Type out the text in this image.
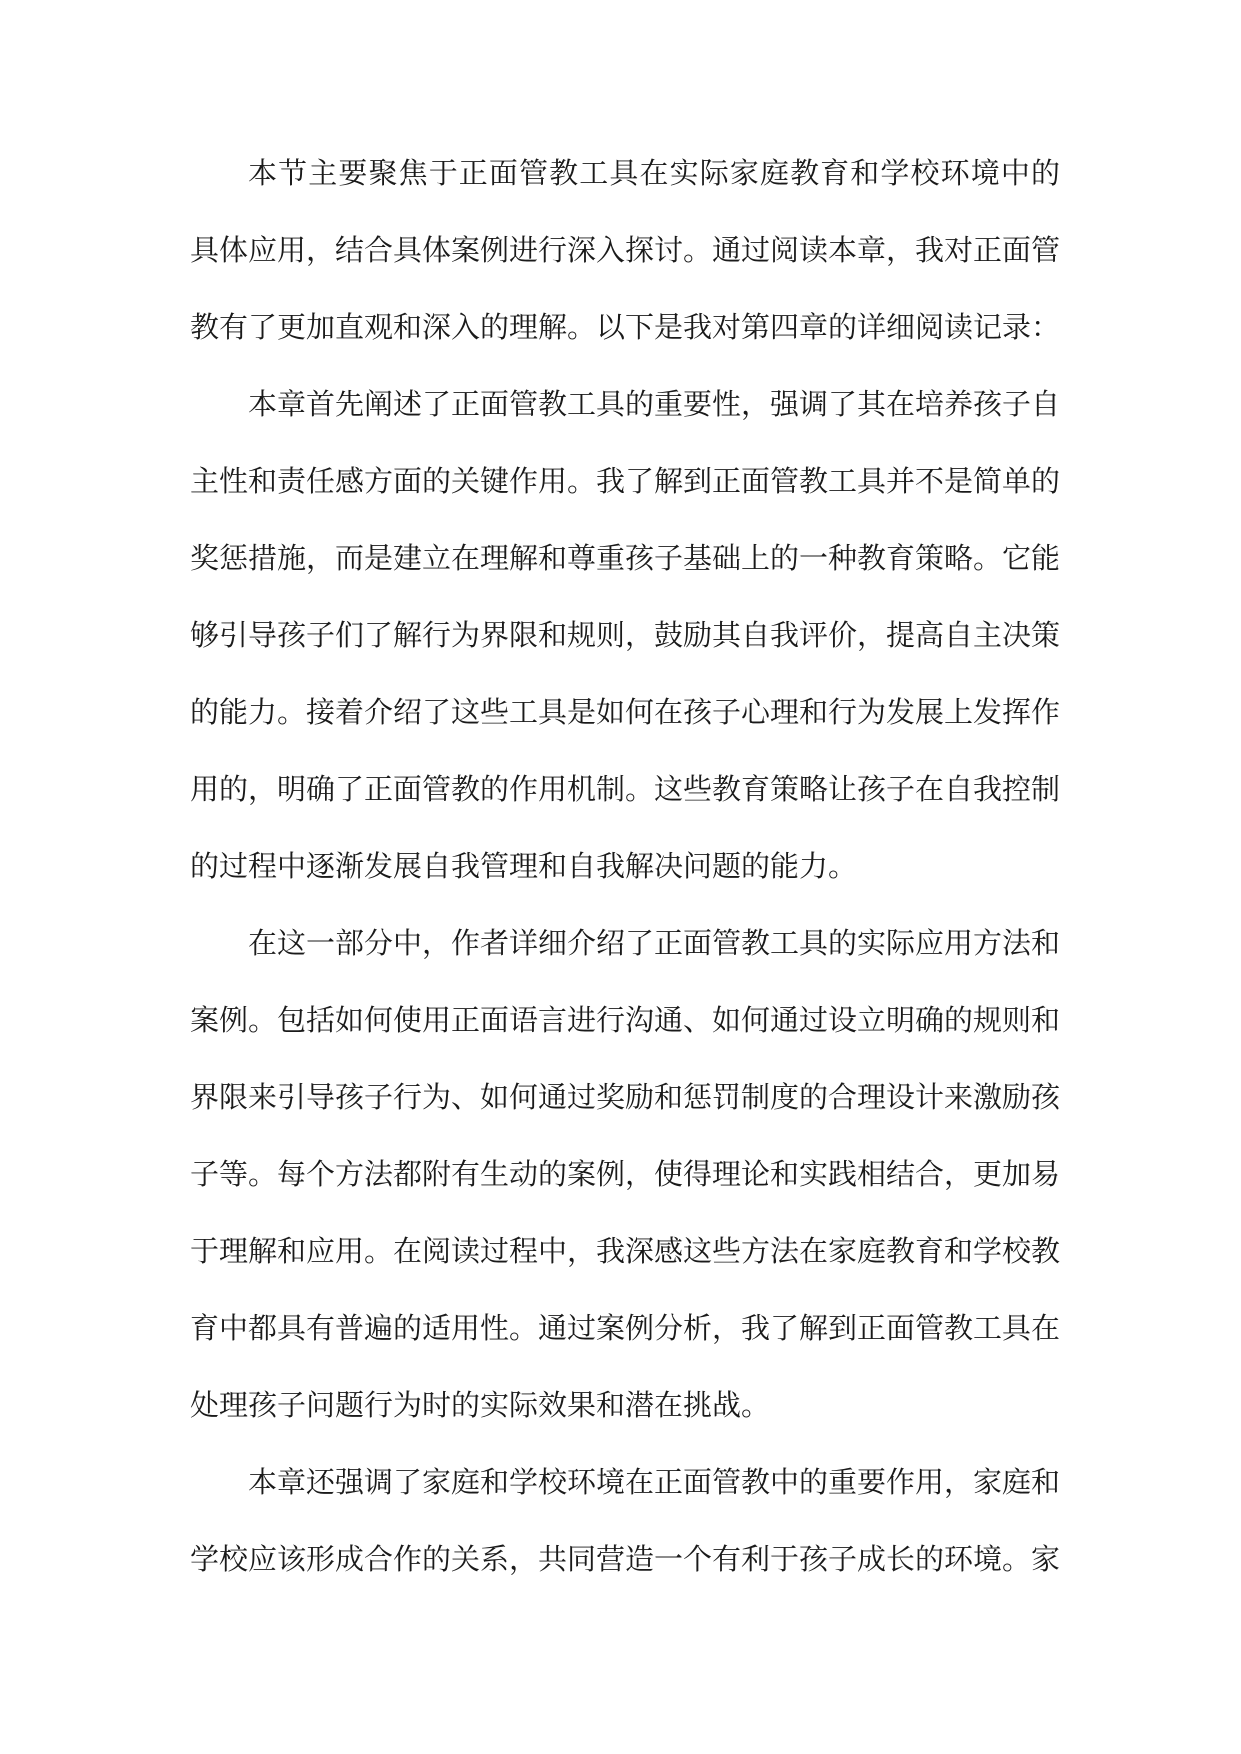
本节主要聚焦于正面管教工具在实际家庭教育和学校环境中的
具体应用，结合具体案例进行深入探讨。通过阅读本章，我对正面管
教有了更加直观和深入的理解。以下是我对第四章的详细阅读记录：
本章首先阐述了正面管教工具的重要性，强调了其在培养孩子自
主性和责任感方面的关键作用。我了解到正面管教工具并不是简单的
奖惩措施，而是建立在理解和尊重孩子基础上的一种教育策略。它能
够引导孩子们了解行为界限和规则，鼓励其自我评价，提高自主决策
的能力。接着介绍了这些工具是如何在孩子心理和行为发展上发挥作
用的，明确了正面管教的作用机制。这些教育策略让孩子在自我控制
的过程中逐渐发展自我管理和自我解决问题的能力。
在这一部分中，作者详细介绍了正面管教工具的实际应用方法和
案例。包括如何使用正面语言进行沟通、如何通过设立明确的规则和
界限来引导孩子行为、如何通过奖励和惩罚制度的合理设计来激励孩
子等。每个方法都附有生动的案例，使得理论和实践相结合，更加易
于理解和应用。在阅读过程中，我深感这些方法在家庭教育和学校教
育中都具有普遍的适用性。通过案例分析，我了解到正面管教工具在
处理孩子问题行为时的实际效果和潜在挑战。
本章还强调了家庭和学校环境在正面管教中的重要作用，家庭和
学校应该形成合作的关系，共同营造一个有利于孩子成长的环境。家
